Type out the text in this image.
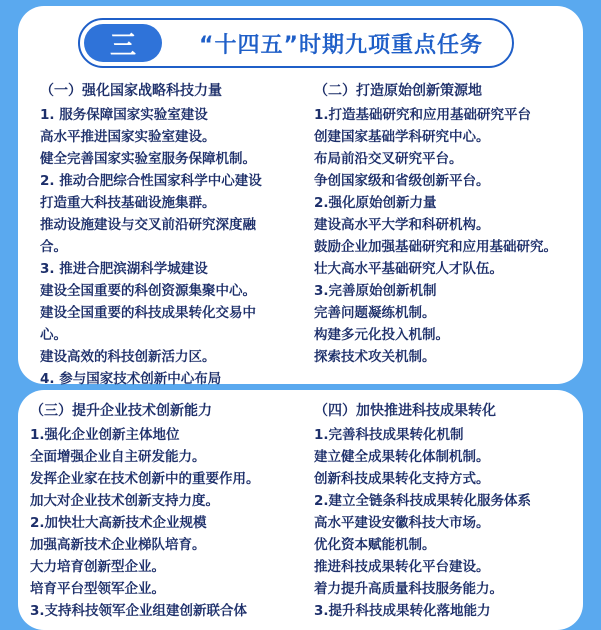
三	“十四五”时期九项重点任务

（一）强化国家战略科技力量

1. 服务保障国家实验室建设

高水平推进国家实验室建设。

健全完善国家实验室服务保障机制。

2. 推动合肥综合性国家科学中心建设

打造重大科技基础设施集群。

推动设施建设与交叉前沿研究深度融

合。

3. 推进合肥滨湖科学城建设

建设全国重要的科创资源集聚中心。

建设全国重要的科技成果转化交易中

心。

建设高效的科技创新活力区。

4. 参与国家技术创新中心布局

（二）打造原始创新策源地

1.打造基础研究和应用基础研究平台

创建国家基础学科研究中心。

布局前沿交叉研究平台。

争创国家级和省级创新平台。

2.强化原始创新力量

建设高水平大学和科研机构。

鼓励企业加强基础研究和应用基础研究。

壮大高水平基础研究人才队伍。

3.完善原始创新机制

完善问题凝练机制。

构建多元化投入机制。

探索技术攻关机制。

（三）提升企业技术创新能力

1.强化企业创新主体地位

全面增强企业自主研发能力。

发挥企业家在技术创新中的重要作用。

加大对企业技术创新支持力度。

2.加快壮大高新技术企业规模

加强高新技术企业梯队培育。

大力培育创新型企业。

培育平台型领军企业。

3.支持科技领军企业组建创新联合体

（四）加快推进科技成果转化

1.完善科技成果转化机制

建立健全成果转化体制机制。

创新科技成果转化支持方式。

2.建立全链条科技成果转化服务体系

高水平建设安徽科技大市场。

优化资本赋能机制。

推进科技成果转化平台建设。

着力提升高质量科技服务能力。

3.提升科技成果转化落地能力
